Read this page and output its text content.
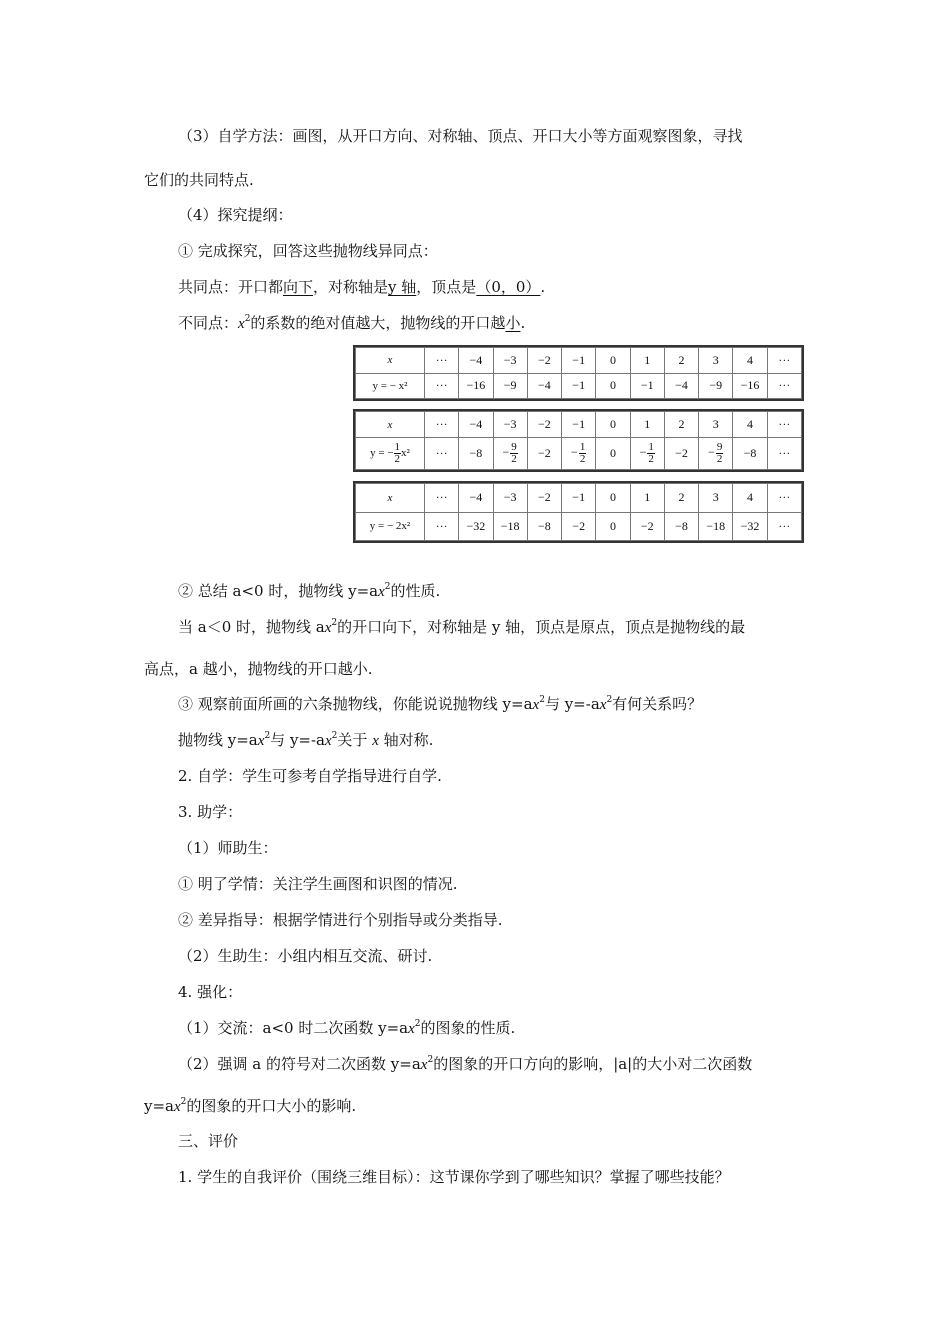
（3）自学方法：画图，从开口方向、对称轴、顶点、开口大小等方面观察图象，寻找
它们的共同特点.
（4）探究提纲：
① 完成探究，回答这些抛物线异同点：
共同点：开口都向下，对称轴是y 轴，顶点是（0，0）.
不同点：$x^2$的系数的绝对值越大，抛物线的开口越小.
x	···	−4	−3	−2	−1	0	1	2	3	4	···
y = − x²	···	−16	−9	−4	−1	0	−1	−4	−9	−16	···
x	···	−4	−3	−2	−1	0	1	2	3	4	···
y = − $\frac{1}{2} x^2$	···	−8	− $\frac{9}{2}$	−2	− $\frac{1}{2}$	0	− $\frac{1}{2}$	−2	− $\frac{9}{2}$	−8	···
x	···	−4	−3	−2	−1	0	1	2	3	4	···
y = − 2x²	···	−32	−18	−8	−2	0	−2	−8	−18	−32	···
② 总结 a<0 时，抛物线 $y=ax^2$的性质.
当 a＜0 时，抛物线 $ax^2$的开口向下，对称轴是 y 轴，顶点是原点，顶点是抛物线的最
高点，a 越小，抛物线的开口越小.
③ 观察前面所画的六条抛物线，你能说说抛物线 $y=ax^2$与 $y=-ax^2$有何关系吗？
抛物线 $y=ax^2$与 $y=-ax^2$关于 x 轴对称.
2. 自学：学生可参考自学指导进行自学.
3. 助学：
（1）师助生：
① 明了学情：关注学生画图和识图的情况.
② 差异指导：根据学情进行个别指导或分类指导.
（2）生助生：小组内相互交流、研讨.
4. 强化：
（1）交流：a<0 时二次函数 $y=ax^2$的图象的性质.
（2）强调 a 的符号对二次函数 $y=ax^2$的图象的开口方向的影响，|a|的大小对二次函数
$y=ax^2$的图象的开口大小的影响.
三、评价
1. 学生的自我评价（围绕三维目标）：这节课你学到了哪些知识？掌握了哪些技能？
